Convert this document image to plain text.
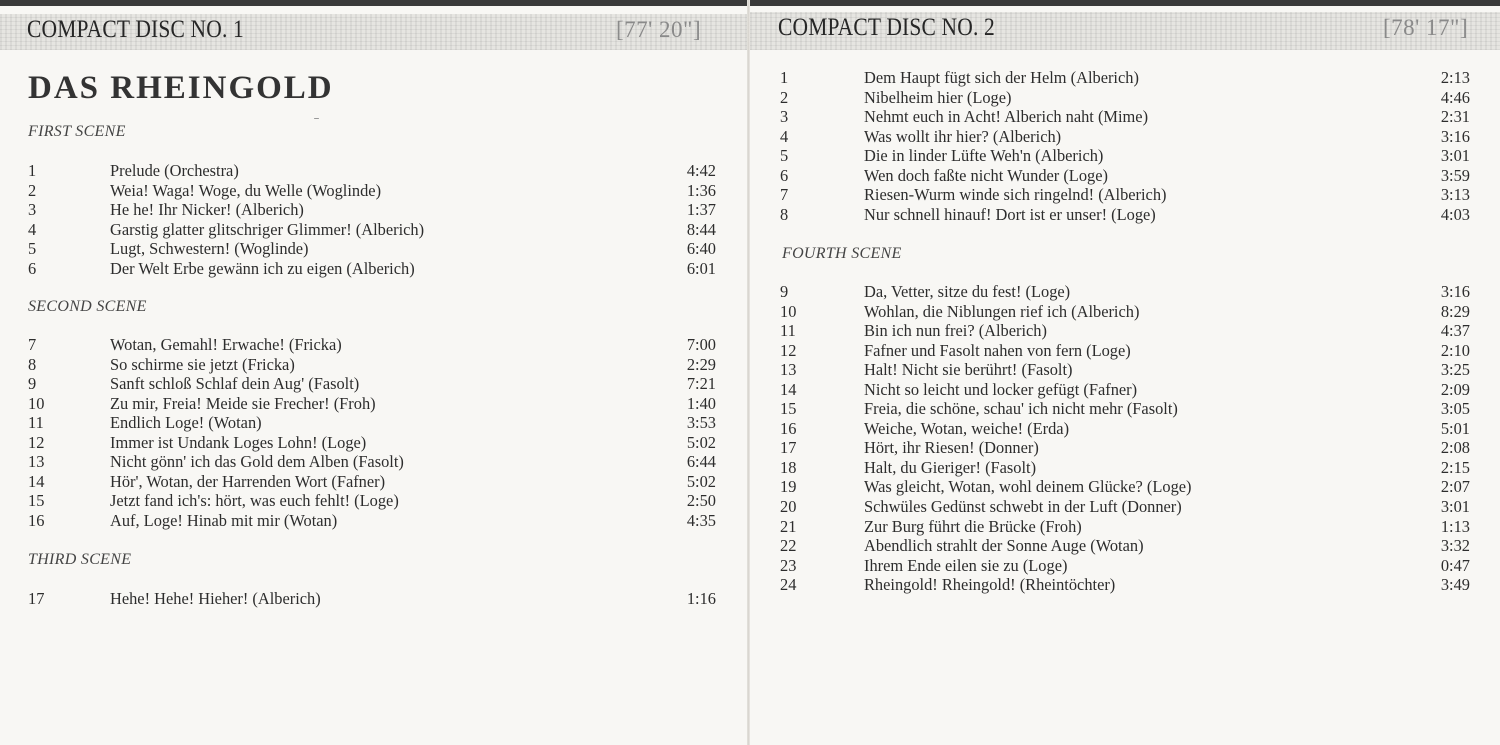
COMPACT DISC NO. 1	[77' 20"]
DAS RHEINGOLD
FIRST SCENE
1	Prelude (Orchestra)	4:42
2	Weia! Waga! Woge, du Welle (Woglinde)	1:36
3	He he! Ihr Nicker! (Alberich)	1:37
4	Garstig glatter glitschriger Glimmer! (Alberich)	8:44
5	Lugt, Schwestern! (Woglinde)	6:40
6	Der Welt Erbe gewänn ich zu eigen (Alberich)	6:01
SECOND SCENE
7	Wotan, Gemahl! Erwache! (Fricka)	7:00
8	So schirme sie jetzt (Fricka)	2:29
9	Sanft schloß Schlaf dein Aug' (Fasolt)	7:21
10	Zu mir, Freia! Meide sie Frecher! (Froh)	1:40
11	Endlich Loge! (Wotan)	3:53
12	Immer ist Undank Loges Lohn! (Loge)	5:02
13	Nicht gönn' ich das Gold dem Alben (Fasolt)	6:44
14	Hör', Wotan, der Harrenden Wort (Fafner)	5:02
15	Jetzt fand ich's: hört, was euch fehlt! (Loge)	2:50
16	Auf, Loge! Hinab mit mir (Wotan)	4:35
THIRD SCENE
17	Hehe! Hehe! Hieher! (Alberich)	1:16
COMPACT DISC NO. 2	[78' 17"]
1	Dem Haupt fügt sich der Helm (Alberich)	2:13
2	Nibelheim hier (Loge)	4:46
3	Nehmt euch in Acht! Alberich naht (Mime)	2:31
4	Was wollt ihr hier? (Alberich)	3:16
5	Die in linder Lüfte Weh'n (Alberich)	3:01
6	Wen doch faßte nicht Wunder (Loge)	3:59
7	Riesen-Wurm winde sich ringelnd! (Alberich)	3:13
8	Nur schnell hinauf! Dort ist er unser! (Loge)	4:03
FOURTH SCENE
9	Da, Vetter, sitze du fest! (Loge)	3:16
10	Wohlan, die Niblungen rief ich (Alberich)	8:29
11	Bin ich nun frei? (Alberich)	4:37
12	Fafner und Fasolt nahen von fern (Loge)	2:10
13	Halt! Nicht sie berührt! (Fasolt)	3:25
14	Nicht so leicht und locker gefügt (Fafner)	2:09
15	Freia, die schöne, schau' ich nicht mehr (Fasolt)	3:05
16	Weiche, Wotan, weiche! (Erda)	5:01
17	Hört, ihr Riesen! (Donner)	2:08
18	Halt, du Gieriger! (Fasolt)	2:15
19	Was gleicht, Wotan, wohl deinem Glücke? (Loge)	2:07
20	Schwüles Gedünst schwebt in der Luft (Donner)	3:01
21	Zur Burg führt die Brücke (Froh)	1:13
22	Abendlich strahlt der Sonne Auge (Wotan)	3:32
23	Ihrem Ende eilen sie zu (Loge)	0:47
24	Rheingold! Rheingold! (Rheintöchter)	3:49
